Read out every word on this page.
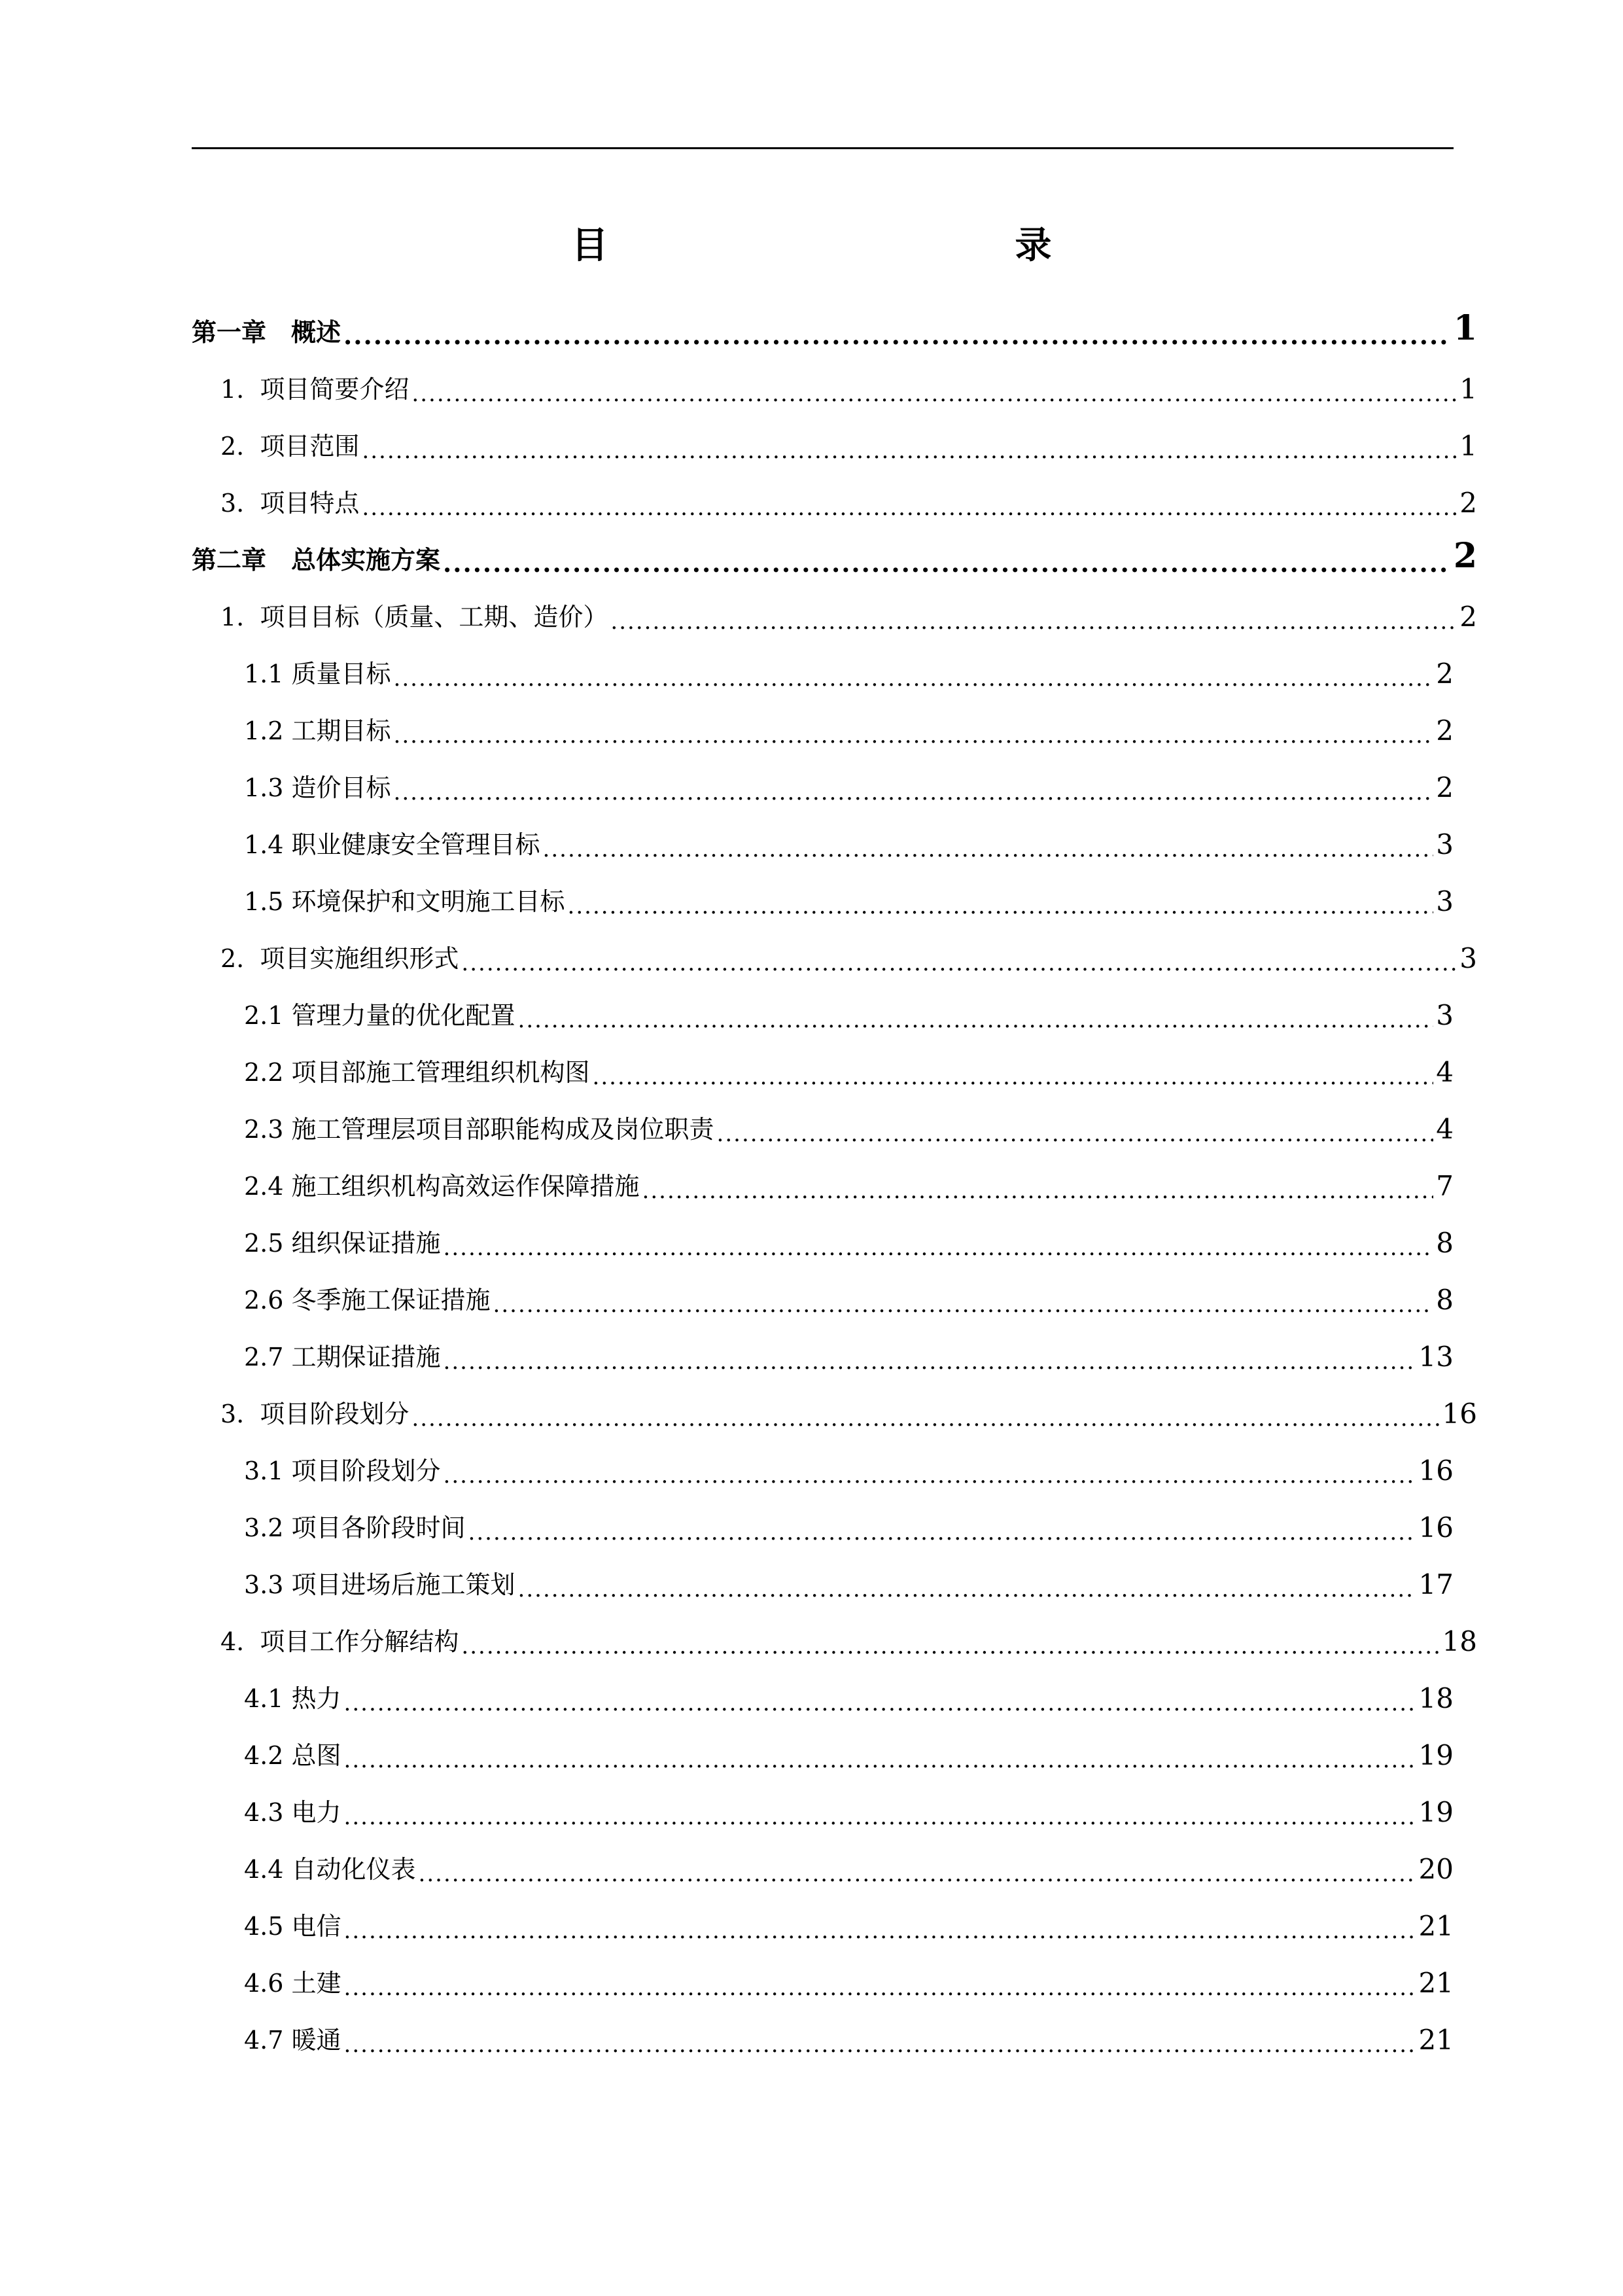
目　　录
第一章　概述 .....	1
1.  项目简要介绍 .....	1
2.  项目范围 .....	1
3.  项目特点 .....	2
第二章　总体实施方案 .....	2
1.  项目目标（质量、工期、造价） .....	2
1.1 质量目标 .....	2
1.2 工期目标 .....	2
1.3 造价目标 .....	2
1.4 职业健康安全管理目标 .....	3
1.5 环境保护和文明施工目标 .....	3
2.  项目实施组织形式 .....	3
2.1 管理力量的优化配置 .....	3
2.2 项目部施工管理组织机构图 .....	4
2.3 施工管理层项目部职能构成及岗位职责 .....	4
2.4 施工组织机构高效运作保障措施 .....	7
2.5 组织保证措施 .....	8
2.6 冬季施工保证措施 .....	8
2.7 工期保证措施 .....	13
3.  项目阶段划分 .....	16
3.1 项目阶段划分 .....	16
3.2 项目各阶段时间 .....	16
3.3 项目进场后施工策划 .....	17
4.  项目工作分解结构 .....	18
4.1 热力 .....	18
4.2 总图 .....	19
4.3 电力 .....	19
4.4 自动化仪表 .....	20
4.5 电信 .....	21
4.6 土建 .....	21
4.7 暖通 .....	21
